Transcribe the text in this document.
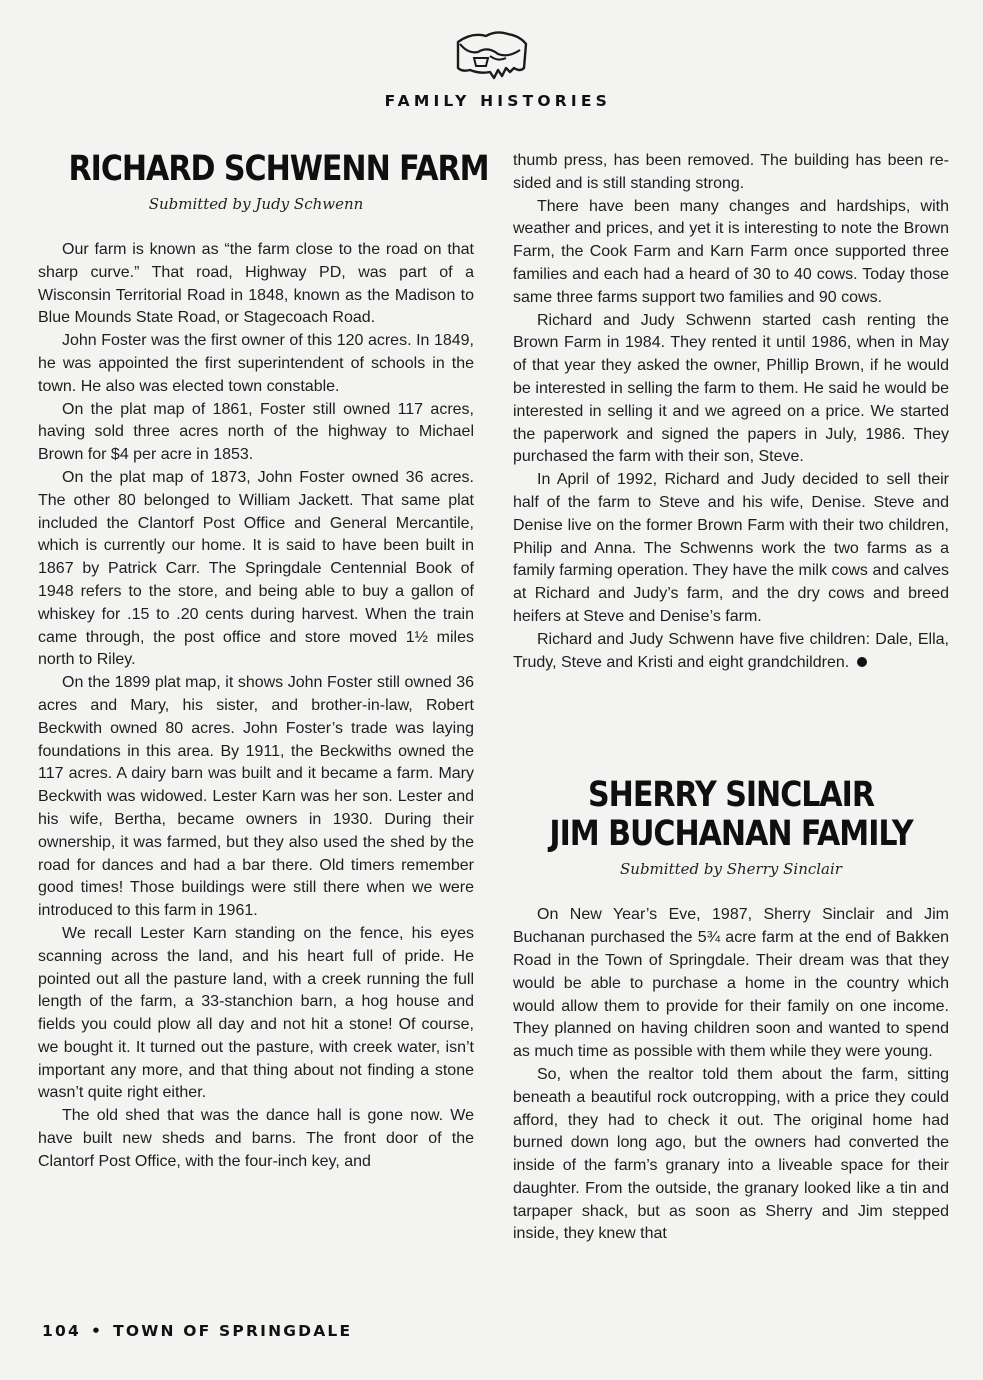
FAMILY HISTORIES
RICHARD SCHWENN FARM
Submitted by Judy Schwenn

Our farm is known as “the farm close to the road on that sharp curve.” That road, Highway PD, was part of a Wisconsin Territorial Road in 1848, known as the Madison to Blue Mounds State Road, or Stagecoach Road.

John Foster was the first owner of this 120 acres. In 1849, he was appointed the first superintendent of schools in the town. He also was elected town constable.

On the plat map of 1861, Foster still owned 117 acres, having sold three acres north of the highway to Michael Brown for $4 per acre in 1853.

On the plat map of 1873, John Foster owned 36 acres. The other 80 belonged to William Jackett. That same plat included the Clantorf Post Office and General Mercantile, which is currently our home. It is said to have been built in 1867 by Patrick Carr. The Springdale Centennial Book of 1948 refers to the store, and being able to buy a gallon of whiskey for .15 to .20 cents during harvest. When the train came through, the post office and store moved 1½ miles north to Riley.

On the 1899 plat map, it shows John Foster still owned 36 acres and Mary, his sister, and brother-in-law, Robert Beckwith owned 80 acres. John Foster’s trade was laying foundations in this area. By 1911, the Beckwiths owned the 117 acres. A dairy barn was built and it became a farm. Mary Beckwith was widowed. Lester Karn was her son. Lester and his wife, Bertha, became owners in 1930. During their ownership, it was farmed, but they also used the shed by the road for dances and had a bar there. Old timers remember good times! Those buildings were still there when we were introduced to this farm in 1961.

We recall Lester Karn standing on the fence, his eyes scanning across the land, and his heart full of pride. He pointed out all the pasture land, with a creek running the full length of the farm, a 33-stanchion barn, a hog house and fields you could plow all day and not hit a stone! Of course, we bought it. It turned out the pasture, with creek water, isn’t important any more, and that thing about not finding a stone wasn’t quite right either.

The old shed that was the dance hall is gone now. We have built new sheds and barns. The front door of the Clantorf Post Office, with the four-inch key, and

thumb press, has been removed. The building has been re-sided and is still standing strong.

There have been many changes and hardships, with weather and prices, and yet it is interesting to note the Brown Farm, the Cook Farm and Karn Farm once supported three families and each had a heard of 30 to 40 cows. Today those same three farms support two families and 90 cows.

Richard and Judy Schwenn started cash renting the Brown Farm in 1984. They rented it until 1986, when in May of that year they asked the owner, Phillip Brown, if he would be interested in selling the farm to them. He said he would be interested in selling it and we agreed on a price. We started the paperwork and signed the papers in July, 1986. They purchased the farm with their son, Steve.

In April of 1992, Richard and Judy decided to sell their half of the farm to Steve and his wife, Denise. Steve and Denise live on the former Brown Farm with their two children, Philip and Anna. The Schwenns work the two farms as a family farming operation. They have the milk cows and calves at Richard and Judy’s farm, and the dry cows and breed heifers at Steve and Denise’s farm.

Richard and Judy Schwenn have five children: Dale, Ella, Trudy, Steve and Kristi and eight grandchildren.

SHERRY SINCLAIR
JIM BUCHANAN FAMILY
Submitted by Sherry Sinclair

On New Year’s Eve, 1987, Sherry Sinclair and Jim Buchanan purchased the 5¾ acre farm at the end of Bakken Road in the Town of Springdale. Their dream was that they would be able to purchase a home in the country which would allow them to provide for their family on one income. They planned on having children soon and wanted to spend as much time as possible with them while they were young.

So, when the realtor told them about the farm, sitting beneath a beautiful rock outcropping, with a price they could afford, they had to check it out. The original home had burned down long ago, but the owners had converted the inside of the farm’s granary into a liveable space for their daughter. From the outside, the granary looked like a tin and tarpaper shack, but as soon as Sherry and Jim stepped inside, they knew that

104 • TOWN OF SPRINGDALE
